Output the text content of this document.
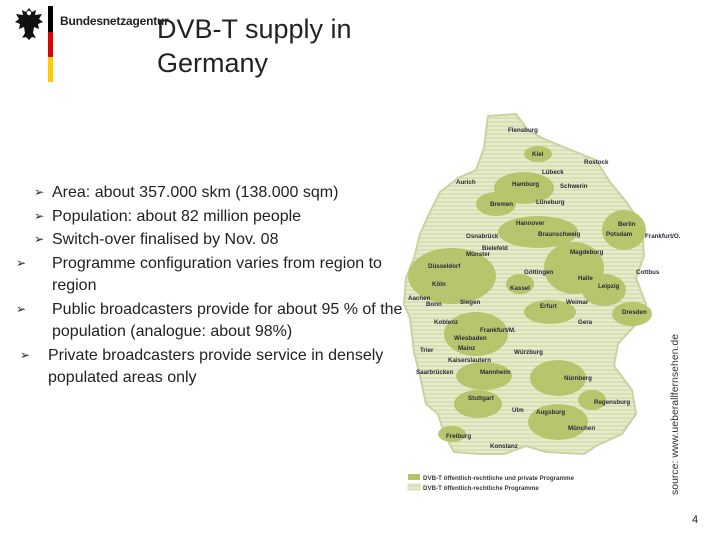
Bundesnetzagentur
DVB-T supply in Germany
➢ Area: about 357.000 skm (138.000 sqm)
➢ Population: about 82 million people
➢ Switch-over finalised by Nov. 08
➢ Programme configuration varies from region to region
➢ Public broadcasters provide for about 95 % of the population (analogue: about 98%)
➢ Private broadcasters provide service in densely populated areas only
Flensburg
Kiel
Rostock
Lübeck
Aurich	Hamburg	Schwerin
Bremen	Lüneburg
Hannover	Berlin
Potsdam Frankfurt/O.
Osnabrück	Braunschweig
Bielefeld
Münster	Magdeburg
Göttingen	Cottbus
Düsseldorf
Halle
Köln
Kassel	Leipzig
Aachen
Bonn	Siegen
Erfurt
Weimar
Dresden
Koblenz	Gera
Frankfurt/M.
Wiesbaden
Mainz
Trier	Würzburg
Kaiserslautern
Saarbrücken	Mannheim
Nürnberg
Stuttgart
Ulm Augsburg
Regensburg
München
Freiburg
Konstanz
DVB-T öffentlich-rechtliche und private Programme
DVB-T öffentlich-rechtliche Programme	source: www.ueberallfernsehen.de
4
